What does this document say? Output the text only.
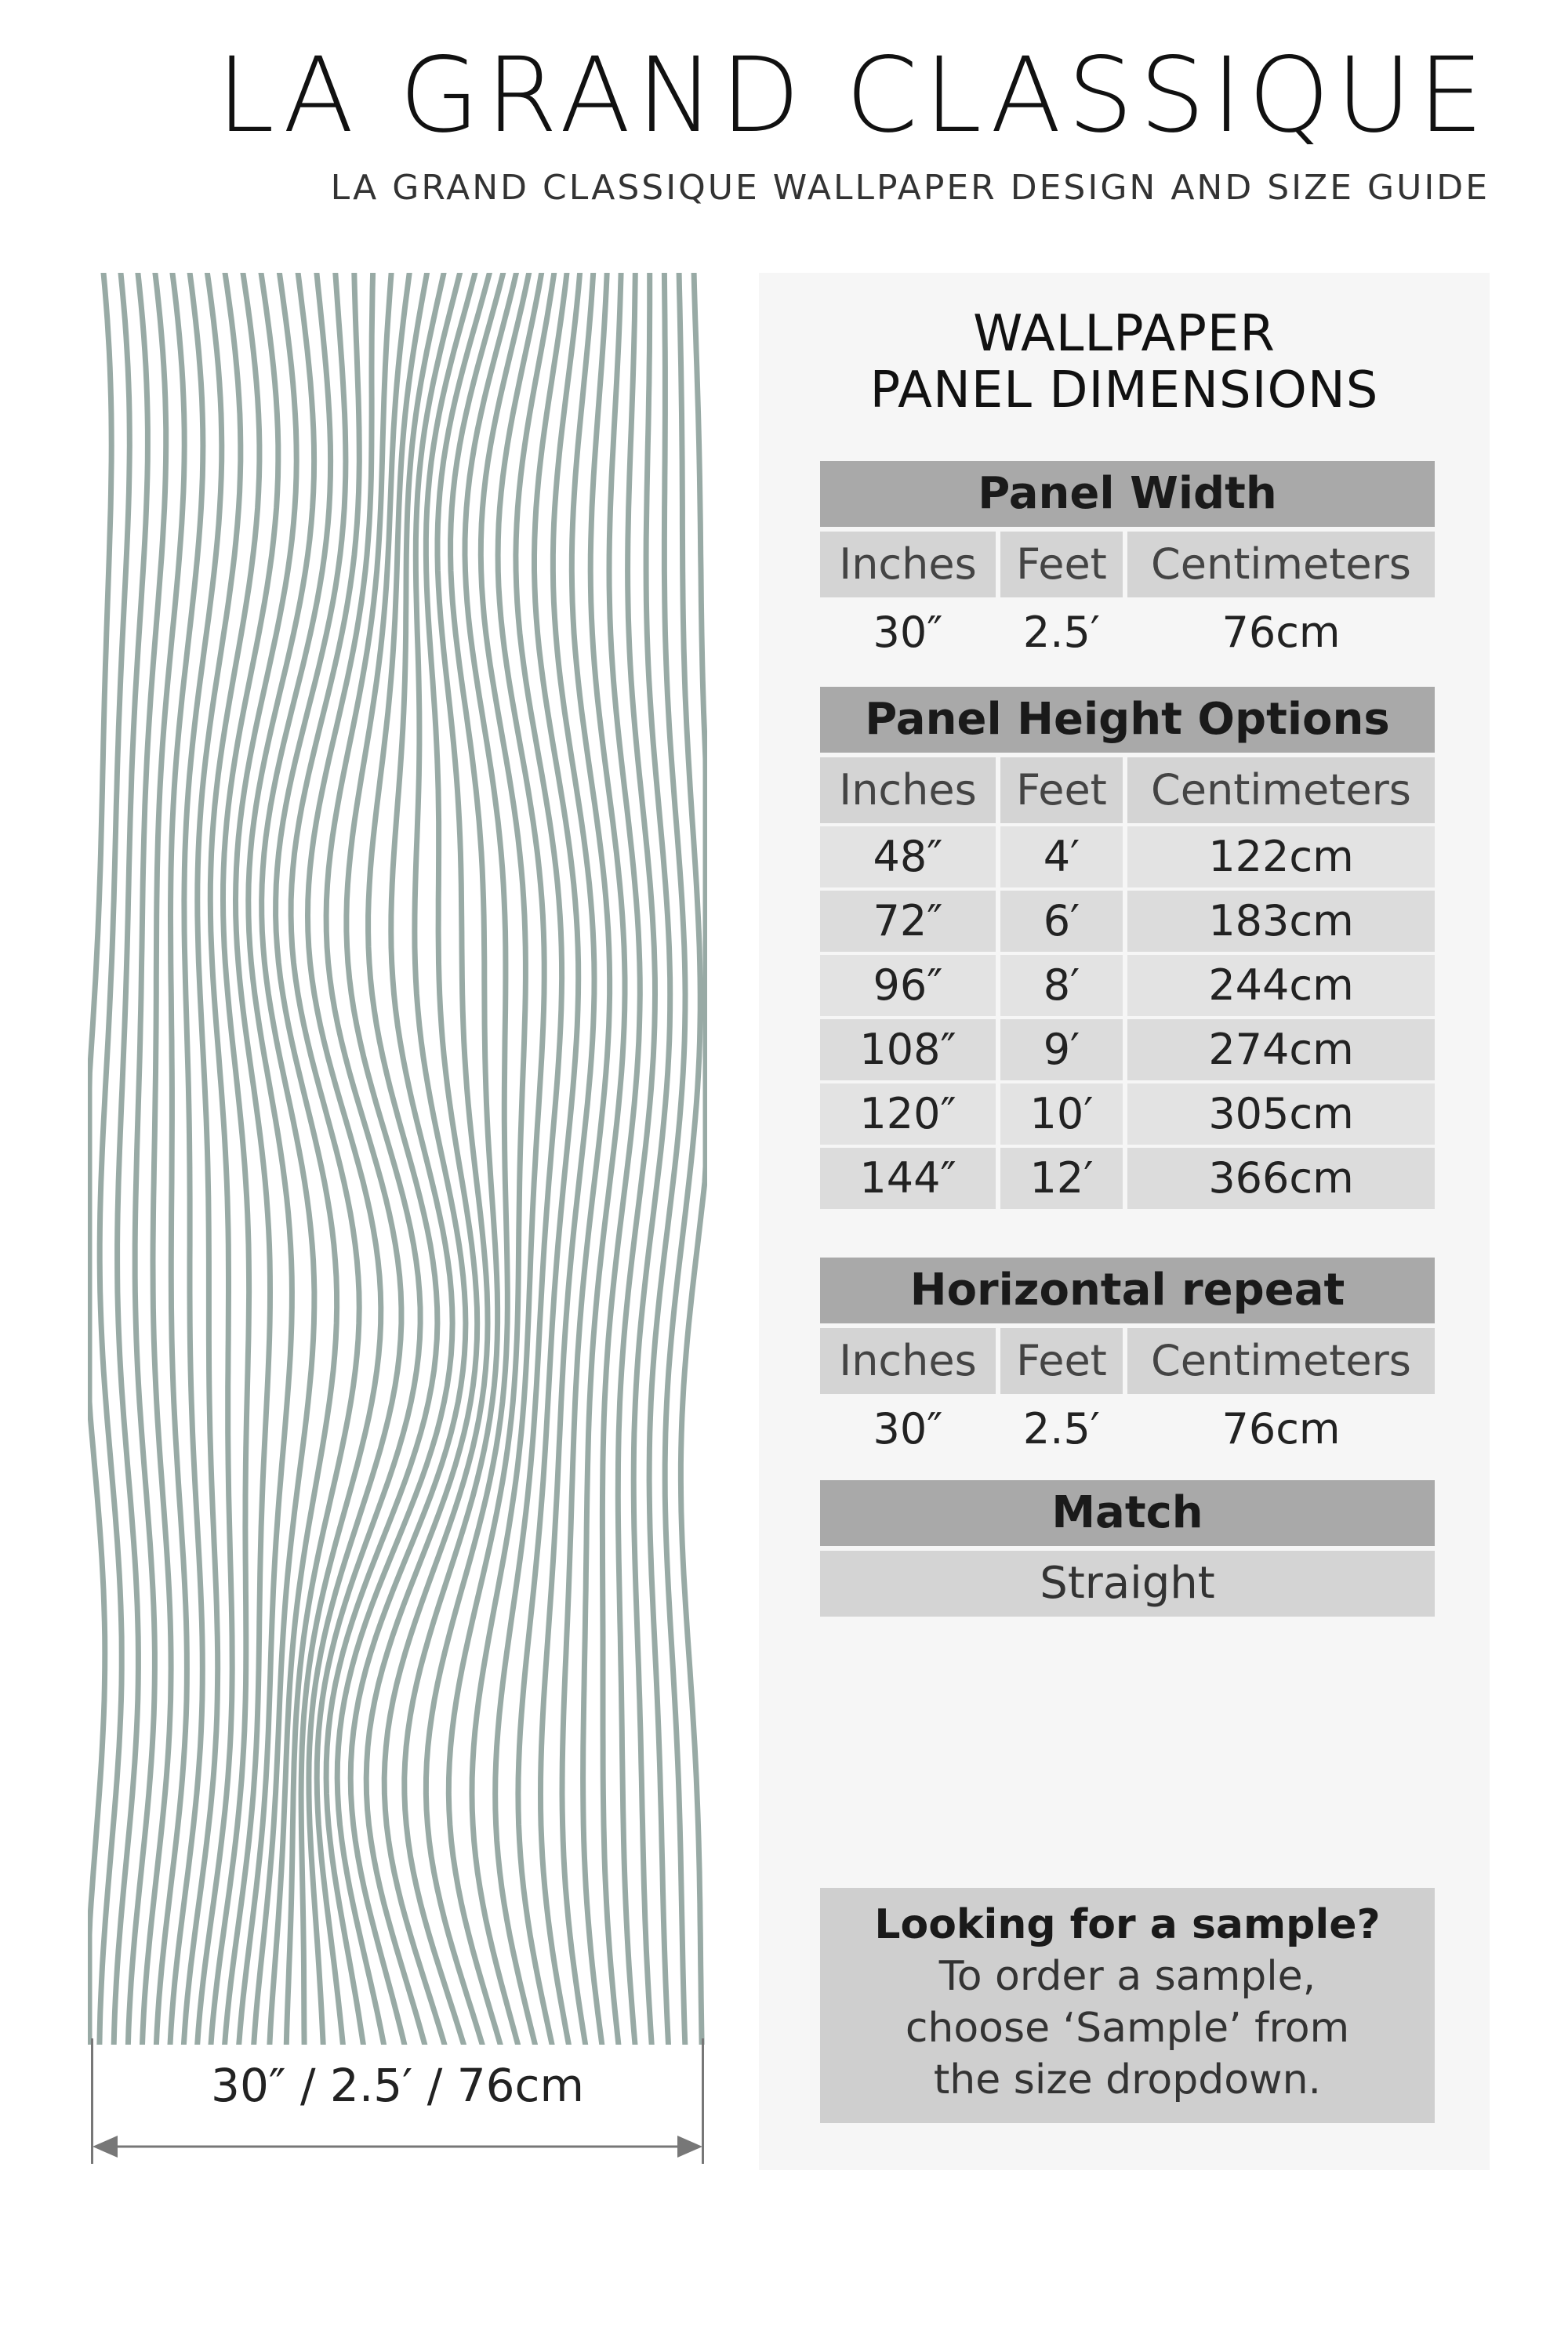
LA GRAND CLASSIQUE
LA GRAND CLASSIQUE WALLPAPER DESIGN AND SIZE GUIDE
30″ / 2.5′ / 76cm
WALLPAPER
PANEL DIMENSIONS
Panel Width
Inches Feet	Centimeters
30″	2.5′	76cm
Panel Height Options
Inches Feet	Centimeters
48″	4′	122cm
72″	6′	183cm
96″	8′	244cm
108″	9′	274cm
120″	10′	305cm
144″	12′	366cm
Horizontal repeat
Inches Feet	Centimeters
30″	2.5′	76cm
Match
Straight
Looking for a sample?
To order a sample,
choose ‘Sample’ from
the size dropdown.
